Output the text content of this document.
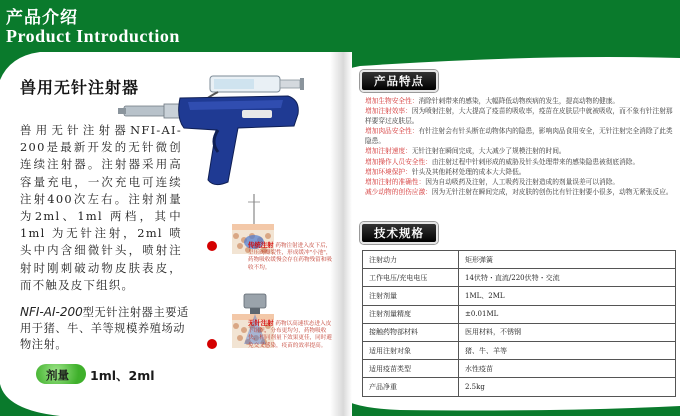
产品介绍
Product Introduction
兽用无针注射器
兽用无针注射器NFI-AI-200是最新开发的无针微创连续注射器。注射器采用高容量充电，一次充电可连续注射400次左右。注射剂量为2ml、1ml 两档，其中1ml 为无针注射，2ml 喷头中内含细微针头，喷射注射时刚刺破动物皮肤表皮，而不触及皮下组织。
NFI-AI-200型无针注射器主要适用于猪、牛、羊等规模养殖场动物注射。
剂量 1ml、2ml
传统注射 药物注射进入皮下后，呈压阀瓣裂性，形成缓冲"小池"，药物吸收缓慢会存在药物残留和吸收不均。
无针注射 药物以高速状态进入皮下组织，分布更均匀，药物吸收快，相同剂量下效果更佳，同时避免交叉感染，疫苗的效率提高。
产品特点
增加生物安全性：消除针刺带来的感染，大幅降低动物疾病的发生，提高动物的健康。
增加注射效率：因为喷射注射，大大提高了疫苗的吸收率，疫苗在皮肤层中就被吸收，而不象有针注射那样要穿过皮肤层。
增加肉品安全性：有针注射会有针头断在动物体内的隐患，影响肉品食用安全，无针注射完全消除了此类隐患。
增加注射速度：无针注射在瞬间完成，大大减少了规模注射的时间。
增加操作人员安全性：由注射过程中针刺形成的威胁及针头处理带来的感染隐患被彻底消除。
增加环境保护：针头及其他耗材处理的成本大大降低。
增加注射的准确性：因为自动吸药及注射，人工吸药及注射造成的剂量误差可以消除。
减少动物的创伤应激：因为无针注射在瞬间完成，对皮肤的创伤比有针注射要小很多，动物无紧张反应。
技术规格
注射动力	矩形弹簧
工作电压/充电电压	14伏特・直流/220伏特・交流
注射剂量	1ML、2ML
注射剂量精度	±0.01ML
接触药物部材料	医用材料，不锈钢
适用注射对象	猪、牛、羊等
适用疫苗类型	水性疫苗
产品净重	2.5kg
